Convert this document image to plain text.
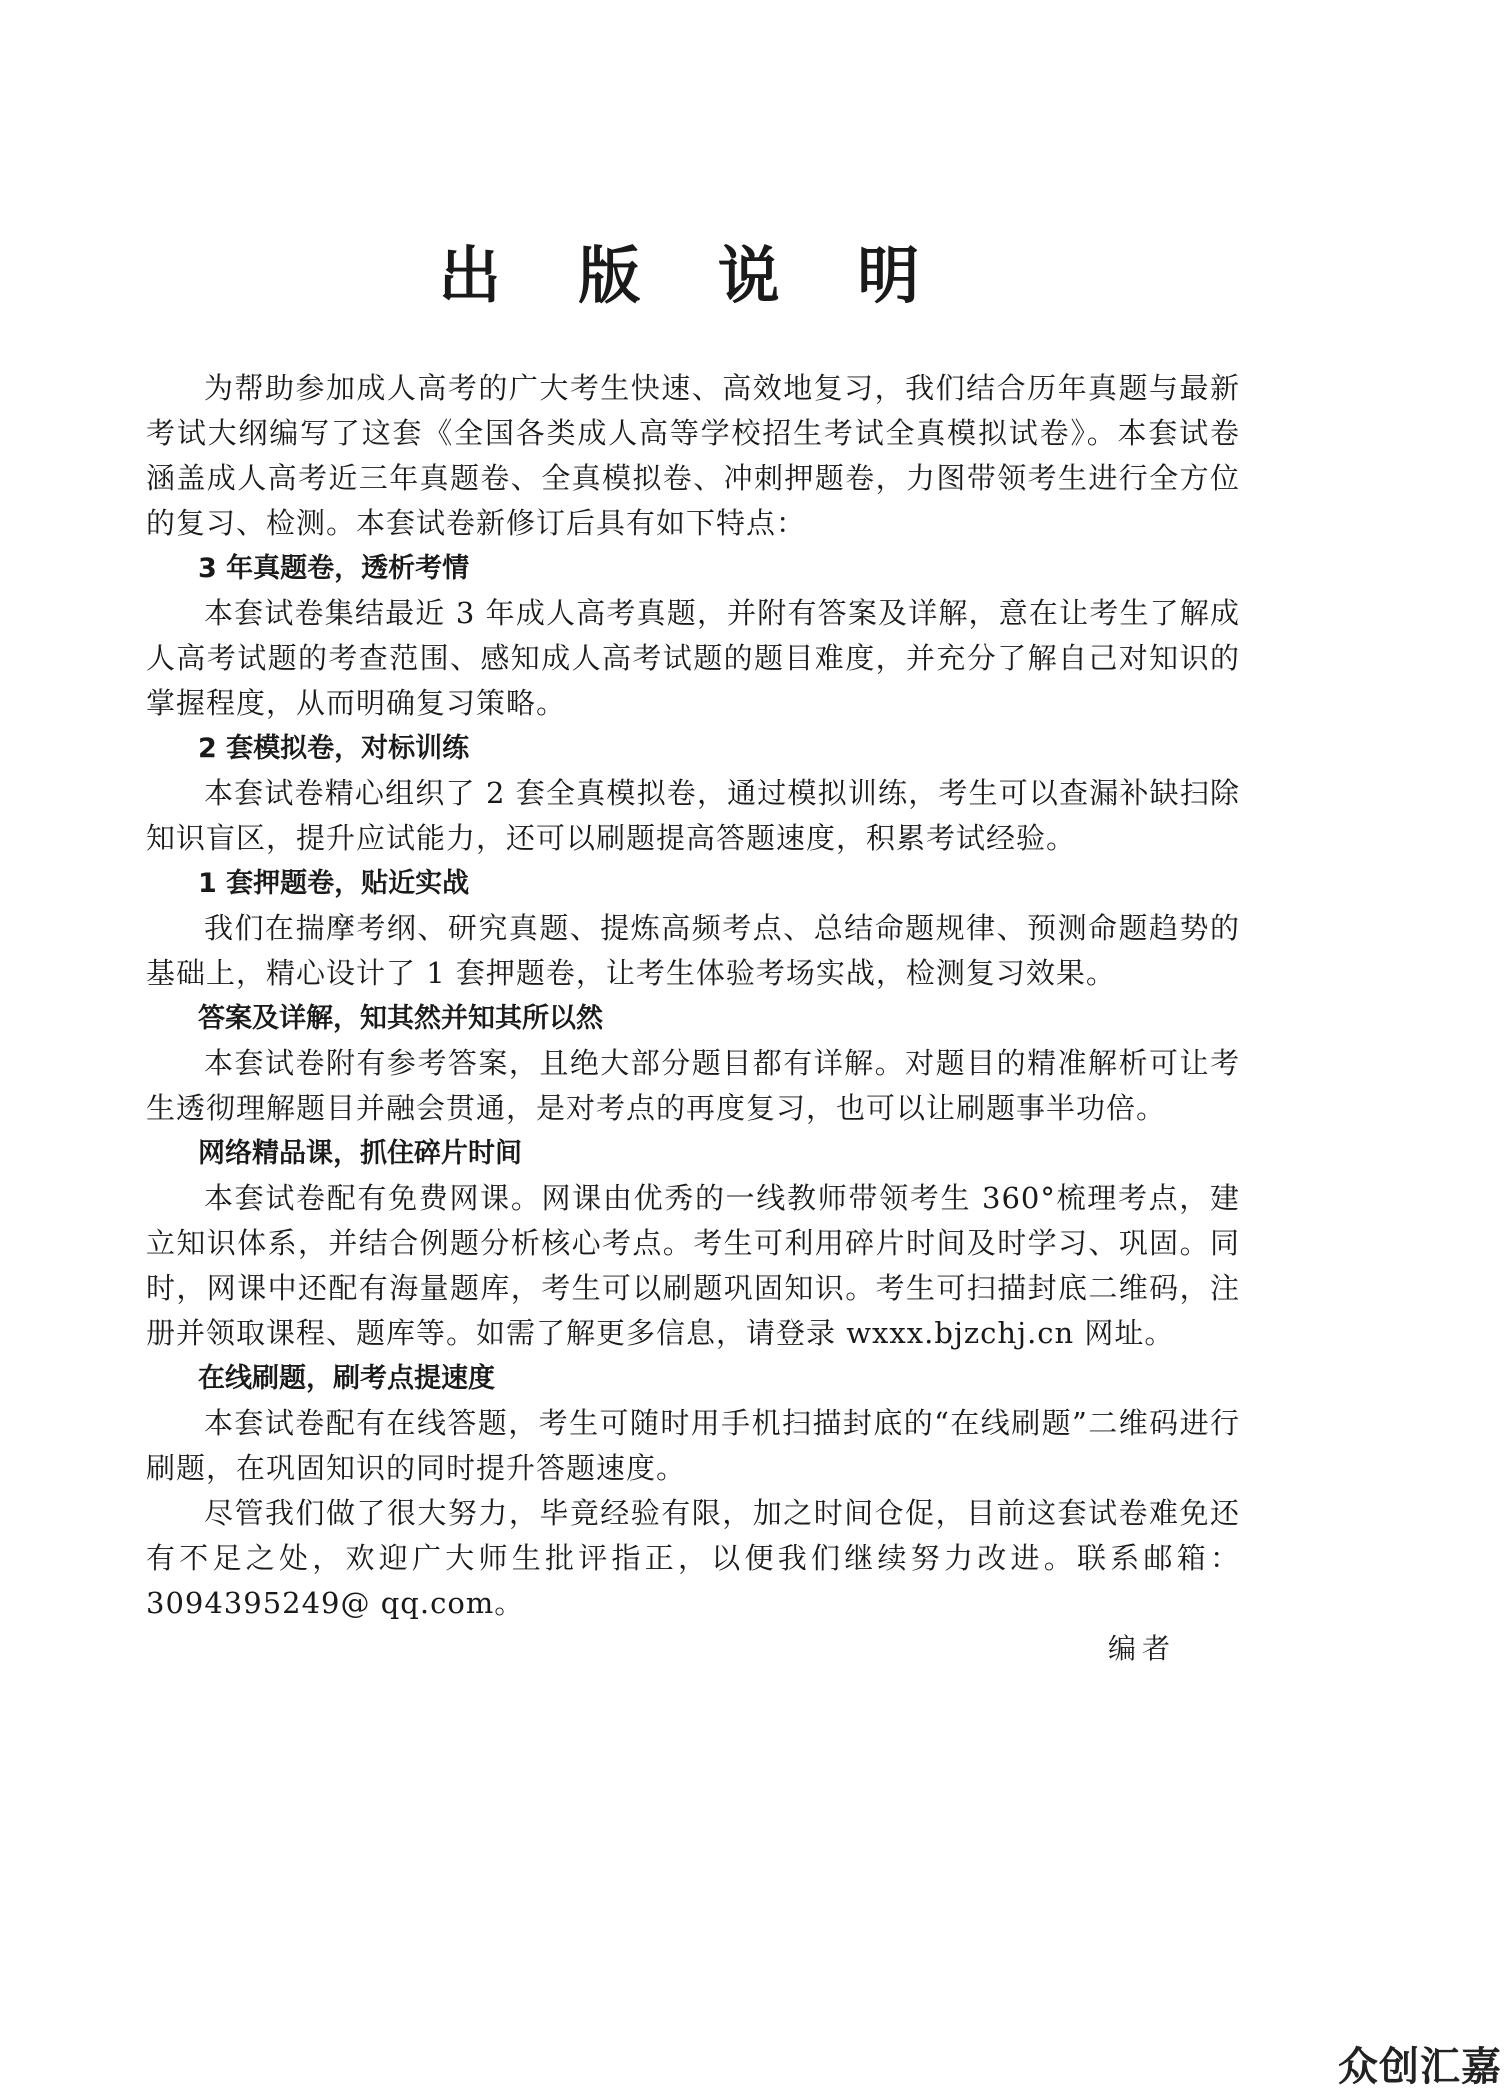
出 版 说 明

为帮助参加成人高考的广大考生快速、高效地复习，我们结合历年真题与最新考试大纲编写了这套《全国各类成人高等学校招生考试全真模拟试卷》。本套试卷涵盖成人高考近三年真题卷、全真模拟卷、冲刺押题卷，力图带领考生进行全方位的复习、检测。本套试卷新修订后具有如下特点：

3 年真题卷，透析考情

本套试卷集结最近 3 年成人高考真题，并附有答案及详解，意在让考生了解成人高考试题的考查范围、感知成人高考试题的题目难度，并充分了解自己对知识的掌握程度，从而明确复习策略。

2 套模拟卷，对标训练

本套试卷精心组织了 2 套全真模拟卷，通过模拟训练，考生可以查漏补缺扫除知识盲区，提升应试能力，还可以刷题提高答题速度，积累考试经验。

1 套押题卷，贴近实战

我们在揣摩考纲、研究真题、提炼高频考点、总结命题规律、预测命题趋势的基础上，精心设计了 1 套押题卷，让考生体验考场实战，检测复习效果。

答案及详解，知其然并知其所以然

本套试卷附有参考答案，且绝大部分题目都有详解。对题目的精准解析可让考生透彻理解题目并融会贯通，是对考点的再度复习，也可以让刷题事半功倍。

网络精品课，抓住碎片时间

本套试卷配有免费网课。网课由优秀的一线教师带领考生 360°梳理考点，建立知识体系，并结合例题分析核心考点。考生可利用碎片时间及时学习、巩固。同时，网课中还配有海量题库，考生可以刷题巩固知识。考生可扫描封底二维码，注册并领取课程、题库等。如需了解更多信息，请登录 wxxx.bjzchj.cn 网址。

在线刷题，刷考点提速度

本套试卷配有在线答题，考生可随时用手机扫描封底的“在线刷题”二维码进行刷题，在巩固知识的同时提升答题速度。

尽管我们做了很大努力，毕竟经验有限，加之时间仓促，目前这套试卷难免还有不足之处，欢迎广大师生批评指正，以便我们继续努力改进。联系邮箱：3094395249@ qq.com。

编者

众创汇嘉
